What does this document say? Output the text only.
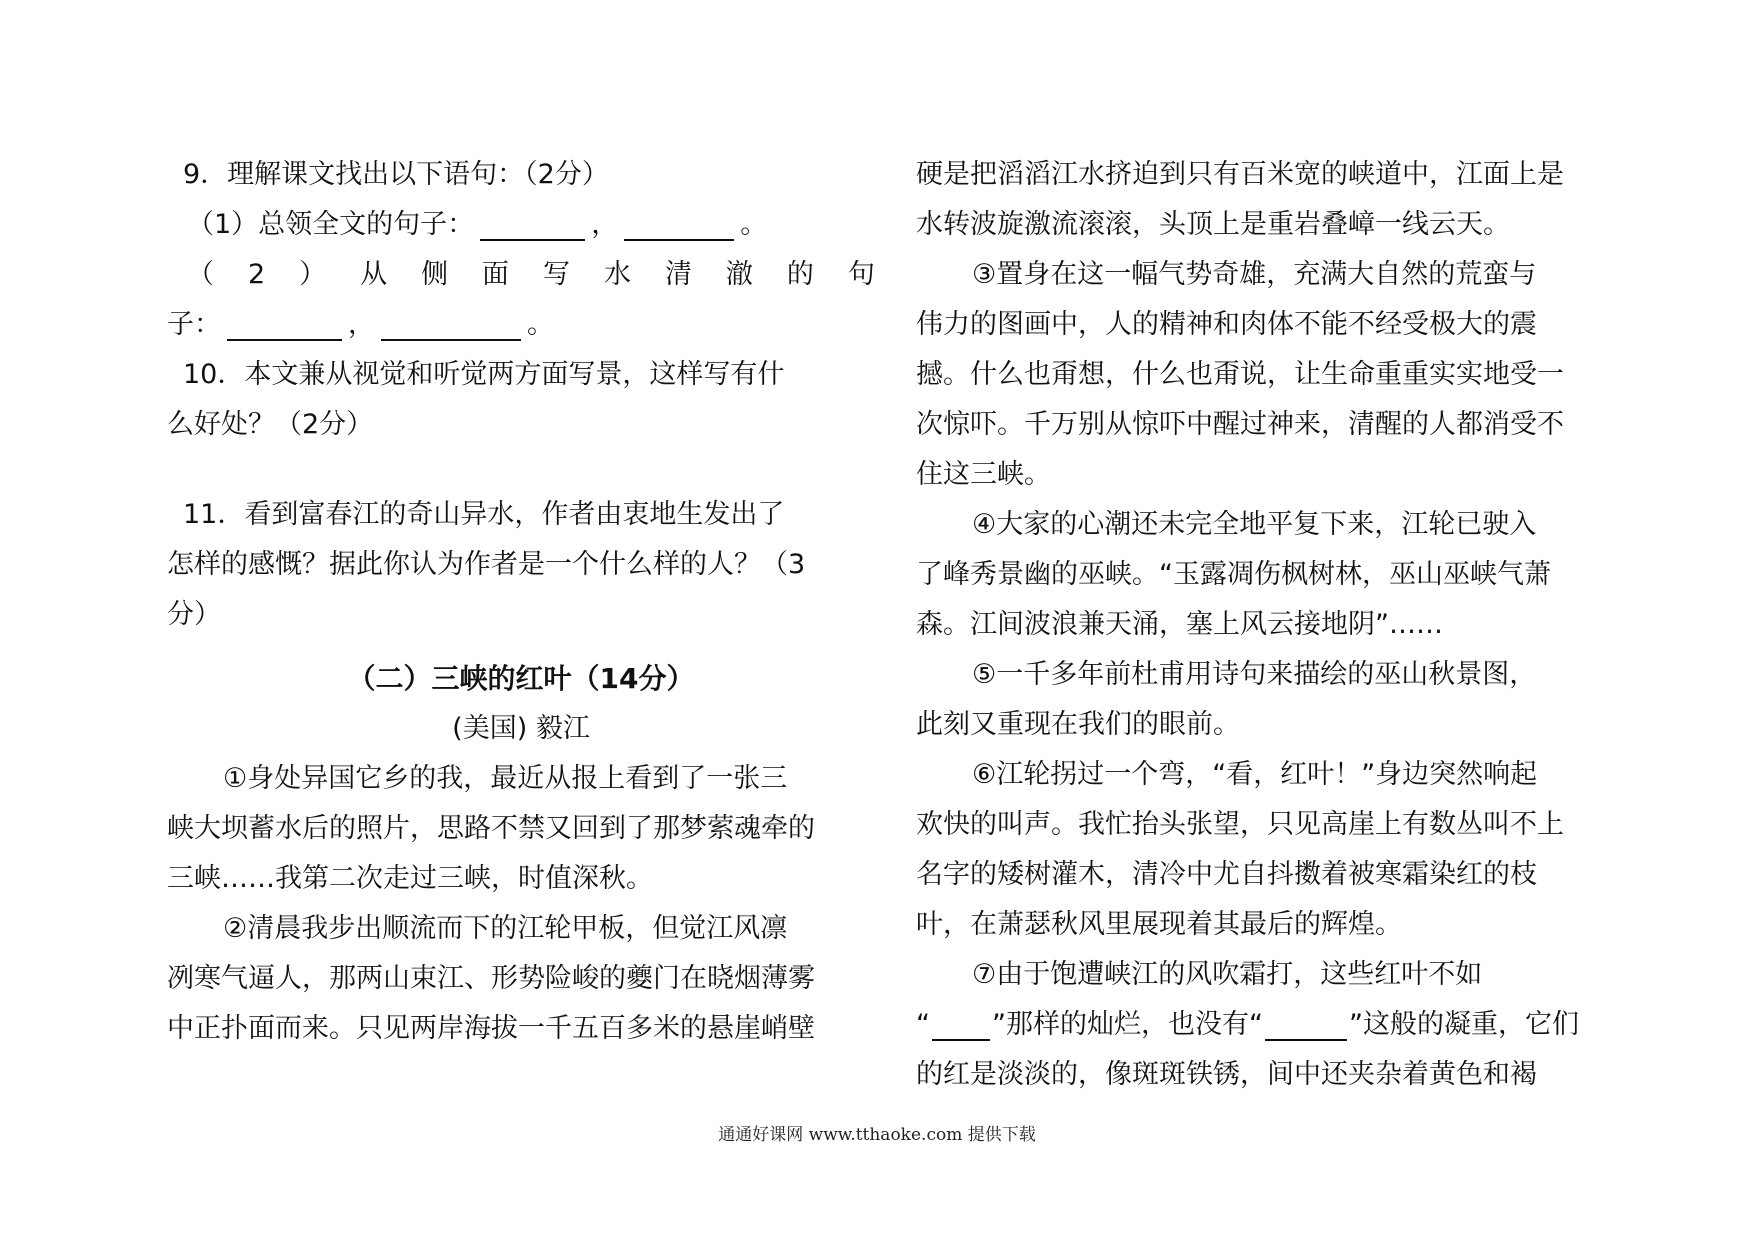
9．理解课文找出以下语句：（2分）
（1）总领全文的句子：	，	。
（ 2 ） 从 侧 面 写 水 清 澈 的 句
子：	，	。
10．本文兼从视觉和听觉两方面写景，这样写有什
么好处？（2分）
11．看到富春江的奇山异水，作者由衷地生发出了
怎样的感慨？据此你认为作者是一个什么样的人？（3
分）
（二）三峡的红叶（14分）
(美国) 毅江
①身处异国它乡的我，最近从报上看到了一张三
峡大坝蓄水后的照片，思路不禁又回到了那梦萦魂牵的
三峡……我第二次走过三峡，时值深秋。
②清晨我步出顺流而下的江轮甲板，但觉江风凛
冽寒气逼人，那两山束江、形势险峻的夔门在晓烟薄雾
中正扑面而来。只见两岸海拔一千五百多米的悬崖峭壁
硬是把滔滔江水挤迫到只有百米宽的峡道中，江面上是
水转波旋激流滚滚，头顶上是重岩叠嶂一线云天。
③置身在这一幅气势奇雄，充满大自然的荒蛮与
伟力的图画中，人的精神和肉体不能不经受极大的震
撼。什么也甭想，什么也甭说，让生命重重实实地受一
次惊吓。千万别从惊吓中醒过神来，清醒的人都消受不
住这三峡。
④大家的心潮还未完全地平复下来，江轮已驶入
了峰秀景幽的巫峡。“玉露凋伤枫树林，巫山巫峡气萧
森。江间波浪兼天涌，塞上风云接地阴”……
⑤一千多年前杜甫用诗句来描绘的巫山秋景图，
此刻又重现在我们的眼前。
⑥江轮拐过一个弯，“看，红叶！”身边突然响起
欢快的叫声。我忙抬头张望，只见高崖上有数丛叫不上
名字的矮树灌木，清冷中尤自抖擞着被寒霜染红的枝
叶，在萧瑟秋风里展现着其最后的辉煌。
⑦由于饱遭峡江的风吹霜打，这些红叶不如
“ ”那样的灿烂，也没有“	”这般的凝重，它们
的红是淡淡的，像斑斑铁锈，间中还夹杂着黄色和褐
通通好课网 www.tthaoke.com 提供下载
